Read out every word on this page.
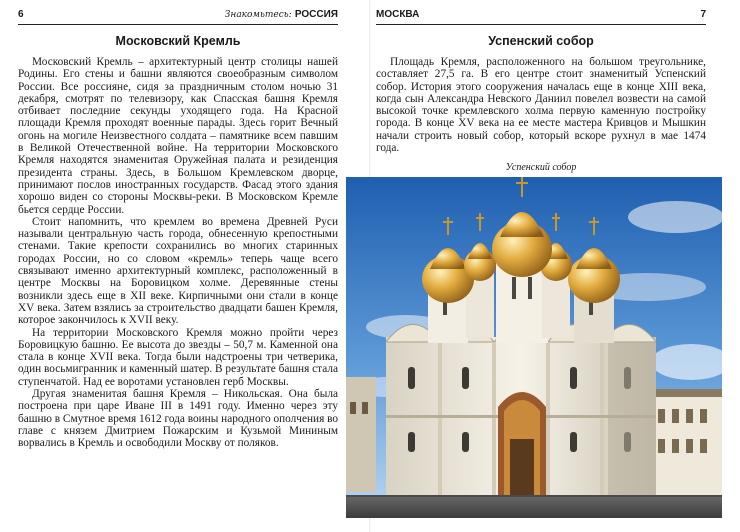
6	Знакомьтесь: РОССИЯ
Московский Кремль

Московский Кремль – архитектурный центр столицы нашей Родины. Его стены и башни являются своеобразным символом России. Все россияне, сидя за праздничным столом ночью 31 декабря, смотрят по телевизору, как Спасская башня Кремля отбивает последние секунды уходящего года. На Красной площади Кремля проходят военные парады. Здесь горит Вечный огонь на могиле Неизвестного солдата – памятнике всем павшим в Великой Отечественной войне. На территории Московского Кремля находятся знаменитая Оружейная палата и резиденция президента страны. Здесь, в Большом Кремлевском дворце, принимают послов иностранных государств. Фасад этого здания хорошо виден со стороны Москвы-реки. В Московском Кремле бьется сердце России.

Стоит напомнить, что кремлем во времена Древней Руси называли центральную часть города, обнесенную крепостными стенами. Такие крепости сохранились во многих старинных городах России, но со словом «кремль» теперь чаще всего связывают именно архитектурный комплекс, расположенный в центре Москвы на Боровицком холме. Деревянные стены возникли здесь еще в XII веке. Кирпичными они стали в конце XV века. Затем взялись за строительство двадцати башен Кремля, которое закончилось к XVII веку.

На территории Московского Кремля можно пройти через Боровицкую башню. Ее высота до звезды – 50,7 м. Каменной она стала в конце XVII века. Тогда были надстроены три четверика, один восьмигранник и каменный шатер. В результате башня стала ступенчатой. Над ее воротами установлен герб Москвы.

Другая знаменитая башня Кремля – Никольская. Она была построена при царе Иване III в 1491 году. Именно через эту башню в Смутное время 1612 года воины народного ополчения во главе с князем Дмитрием Пожарским и Кузьмой Мининым ворвались в Кремль и освободили Москву от поляков.

МОСКВА	7
Успенский собор

Площадь Кремля, расположенного на большом треугольнике, составляет 27,5 га. В его центре стоит знаменитый Успенский собор. История этого сооружения началась еще в конце XIII века, когда сын Александра Невского Даниил повелел возвести на самой высокой точке кремлевского холма первую каменную постройку города. В конце XV века на ее месте мастера Кривцов и Мышкин начали строить новый собор, который вскоре рухнул в мае 1474 года.

Успенский собор
